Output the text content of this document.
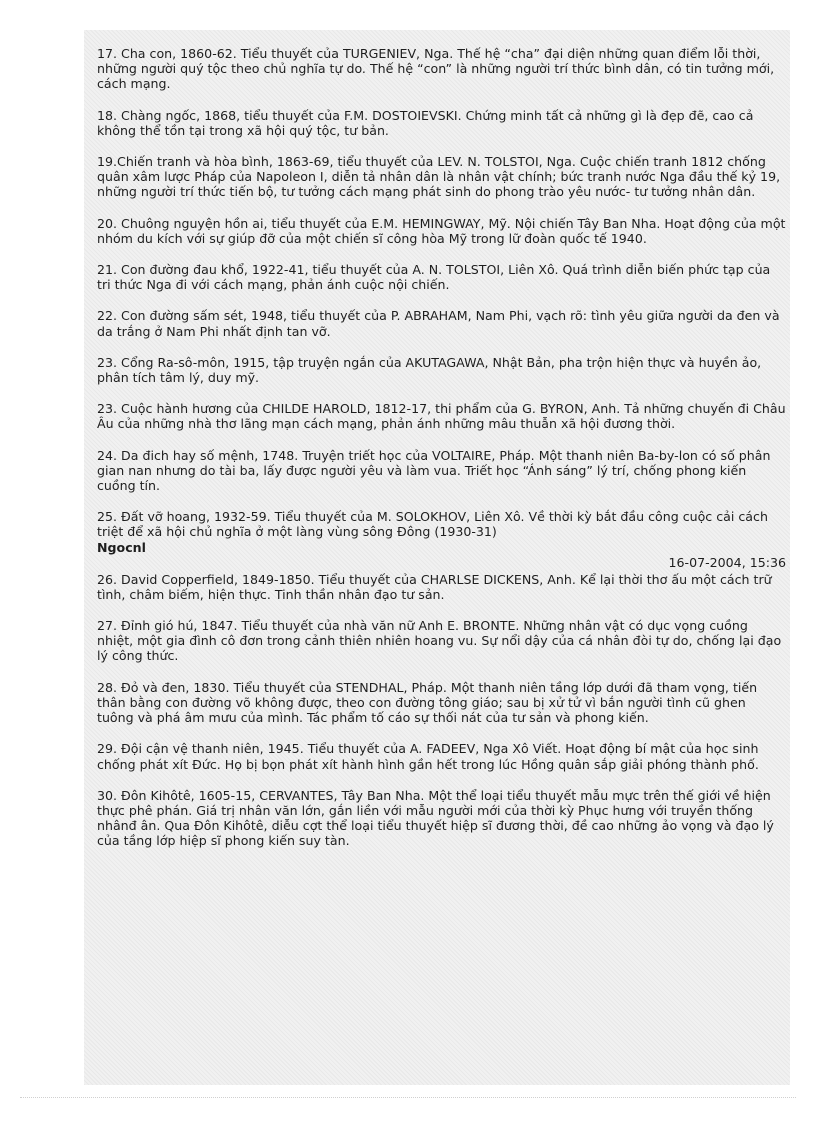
17. Cha con, 1860-62. Tiểu thuyết của TURGENIEV, Nga. Thế hệ “cha” đại diện những quan điểm lỗi thời, những người quý tộc theo chủ nghĩa tự do. Thế hệ “con” là những người trí thức bình dân, có tin tưởng mới, cách mạng.

18. Chàng ngốc, 1868, tiểu thuyết của F.M. DOSTOIEVSKI. Chứng minh tất cả những gì là đẹp đẽ, cao cả không thể tồn tại trong xã hội quý tộc, tư bản.

19.Chiến tranh và hòa bình, 1863-69, tiểu thuyết của LEV. N. TOLSTOI, Nga. Cuộc chiến tranh 1812 chống quân xâm lược Pháp của Napoleon I, diễn tả nhân dân là nhân vật chính; bức tranh nước Nga đầu thế kỷ 19, những người trí thức tiến bộ, tư tưởng cách mạng phát sinh do phong trào yêu nước- tư tưởng nhân dân.

20. Chuông nguyện hồn ai, tiểu thuyết của E.M. HEMINGWAY, Mỹ. Nội chiến Tây Ban Nha. Hoạt động của một nhóm du kích với sự giúp đỡ của một chiến sĩ công hòa Mỹ trong lữ đoàn quốc tế 1940.

21. Con đường đau khổ, 1922-41, tiểu thuyết của A. N. TOLSTOI, Liên Xô. Quá trình diễn biến phức tạp của tri thức Nga đi với cách mạng, phản ánh cuộc nội chiến.

22. Con đường sấm sét, 1948, tiểu thuyết của P. ABRAHAM, Nam Phi, vạch rõ: tình yêu giữa người da đen và da trắng ở Nam Phi nhất định tan vỡ.

23. Cổng Ra-sô-môn, 1915, tập truyện ngắn của AKUTAGAWA, Nhật Bản, pha trộn hiện thực và huyền ảo, phân tích tâm lý, duy mỹ.

23. Cuộc hành hương của CHILDE HAROLD, 1812-17, thi phẩm của G. BYRON, Anh. Tả những chuyến đi Châu Âu của những nhà thơ lãng mạn cách mạng, phản ánh những mâu thuẫn xã hội đương thời.

24. Da đich hay số mệnh, 1748. Truyện triết học của VOLTAIRE, Pháp. Một thanh niên Ba-by-lon có số phân gian nan nhưng do tài ba, lấy được người yêu và làm vua. Triết học “Ánh sáng” lý trí, chống phong kiến cuồng tín.

25. Đất vỡ hoang, 1932-59. Tiểu thuyết của M. SOLOKHOV, Liên Xô. Về thời kỳ bắt đầu công cuộc cải cách triệt để xã hội chủ nghĩa ở một làng vùng sông Đông (1930-31)

Ngocnl

16-07-2004, 15:36

26. David Copperfield, 1849-1850. Tiểu thuyết của CHARLSE DICKENS, Anh. Kể lại thời thơ ấu một cách trữ tình, châm biếm, hiện thực. Tinh thần nhân đạo tư sản.

27. Đỉnh gió hú, 1847. Tiểu thuyết của nhà văn nữ Anh E. BRONTE. Những nhân vật có dục vọng cuồng nhiệt, một gia đình cô đơn trong cảnh thiên nhiên hoang vu. Sự nổi dậy của cá nhân đòi tự do, chống lại đạo lý công thức.

28. Đỏ và đen, 1830. Tiểu thuyết của STENDHAL, Pháp. Một thanh niên tầng lớp dưới đã tham vọng, tiến thân bằng con đường võ không được, theo con đường tông giáo; sau bị xử tử vì bắn người tình cũ ghen tuông và phá âm mưu của mình. Tác phẩm tố cáo sự thối nát của tư sản và phong kiến.

29. Đội cận vệ thanh niên, 1945. Tiểu thuyết của A. FADEEV, Nga Xô Viết. Hoạt động bí mật của học sinh chống phát xít Đức. Họ bị bọn phát xít hành hình gần hết trong lúc Hồng quân sắp giải phóng thành phố.

30. Đôn Kihôtê, 1605-15, CERVANTES, Tây Ban Nha. Một thể loại tiểu thuyết mẫu mực trên thế giới về hiện thực phê phán. Giá trị nhân văn lớn, gắn liền với mẫu người mới của thời kỳ Phục hưng với truyền thống nhânđ ân. Qua Đôn Kihôtê, diễu cợt thể loại tiểu thuyết hiệp sĩ đương thời, đề cao những ảo vọng và đạo lý của tầng lớp hiệp sĩ phong kiến suy tàn.
